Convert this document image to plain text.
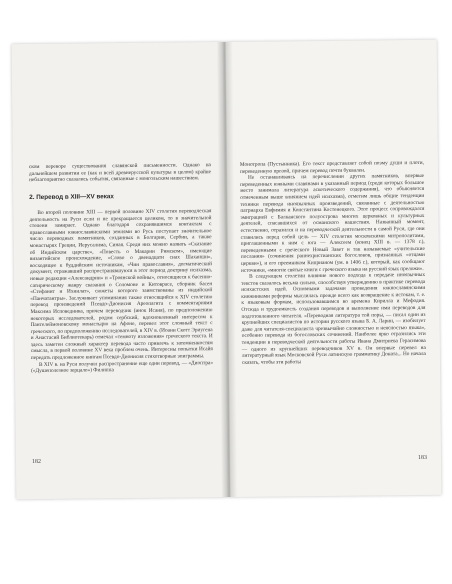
ском переворе существования славянской письменности. Однако на дальнейшем развитии ее (как и всей древнерусской культуры в целом) крайне неблагоприятно сказались события, связанные с монгольским нашествием.
2. Перевод в XIII—XV веках

Во второй половине XIII — первой половине XIV столетия переводческая деятельность на Руси если и не прекращается целиком, то в значительной степени замирает. Однако благодаря сохранявшимся контактам с православными южнославянскими землями во Русь поступает значительное число переводных памятников, созданных в Болгарии, Сербии, а также монастырях Греции, Иерусалима, Синая. Среди них можно назвать «Сказание об Индийском царстве», «Повесть о Макарии Римском», имеющие византийское происхождение, «Слово о двенадцати снах Шахаиши», восходящее к буддийским источникам, «Чин православия», догматический документ, отражавший распространявшуюся в этот период доктрину исихазма, новые редакции «Александрии» и «Троянской войны», относящиеся к басенно-сатирическому жанру сказания о Соломоне и Китоврасе, сборник басен «Стефанит и Ихнилат», сюжеты которого заимствованы из индийской «Панчатантры». Заслуживает упоминания также относящийся к XIV столетию перевод произведений Псевдо-Дионисия Ареопагита с комментариями Максима Исповедника, причем переводчик (инок Исаия), по предположению некоторых исследователей, родом сербский, вдохновленный интересом к Пантелеймоновскому монастырю на Афоне, перевел этот сложный текст с греческого, по предположению исследователей, в XIV в. (Иоанн Скотт Эриугена и Анастасий Библиотекарь) отмечал «темноту изложения» греческого текста. И здесь заметен сложный характер перевода часто привлечь к затемненностям смысла, в первой половине XV века проблем очень. Интересны попытки Исайя передать предложенное книгам Псевдо-Дионисия стихотворные эпиграммы.

В XIV в. на Руси получил распространение еще один перевод, — «Диоптра» («Душеполезное зерцало») Филиппа

182

Монотропа (Пустынника). Его текст представляет собой поэму души и плоти, переведенную прозой, причем перевод почти буквален.

Не останавливаясь на перечислении других памятников, впервые переведенных южными славянами в указанный период (среди которых большое место занимала литература аскетического содержания), что объясняется отмеченным выше влиянием идей исихазма), отметим лишь общие тенденции техники перевода иноязычных произведений, связанные с деятельностью патриарха Евфимия и Константина Костенецкого. Этот процесс сопровождался эмиграцией с Балканского полуострова многих церковных и культурных деятелей, спасавшихся от османского нашествия. Названный момент, естественно, отразился и на переводческой деятельности в самой Руси, где они ставились перед собой цель — XIV столетия московскими митрополитами, приглашенными к ним с юга — Алексеем (конец XIII в. — 1378 г.), переведенными с греческого Новый Завет и так называемые «учительские послания» (сочинения раннехристианских богословов, признанных «отцами церкви»), и его преемником Киприаном (ум. в 1406 г.), который, как сообщают источники, «многие святые книги с греческого языка на русский язык преложи».

В следующем столетии влияние нового подхода к передаче иноязычных текстов сказалось весьма сильно, способствуя утверждению в практике перевода исихастских идей. Основными задачами проведения южнославянскими книжниками реформы мыслилась прежде всего как возвращение к истокам, т. е. к языковым формам, использовавшимся во времена Кирилла и Мефодия. Отсюда и трудоемкость создания переводов и выполнение ими переводов для подготовленного читателя. «Переводная литература той поры, — писал один из крупнейших специалистов по истории русского языка Б. А. Ларин, — изобилует даже для читателя-специалиста чрезвычайно сложностью и неясностью языка», особенно перевода из богословских сочинений. Наиболее ярко отразились эти тенденции в переводческой деятельности работы Ивана Дмитриева Герасимова — одного из крупнейших переводчиков XV в. Он впервые перевел на литературный язык Московской Руси латинскую грамматику Доната... Но начала сказать, чтобы эти работы

183
